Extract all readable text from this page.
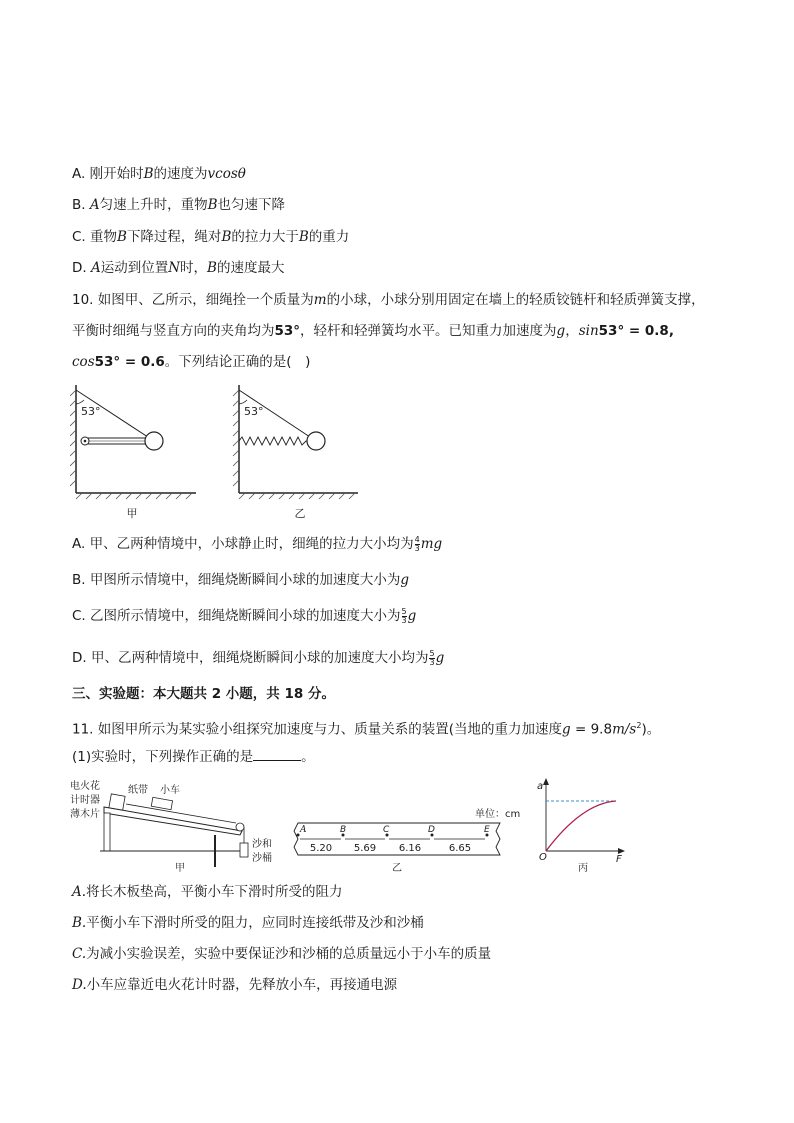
A. 刚开始时B的速度为vcosθ
B. A匀速上升时，重物B也匀速下降
C. 重物B下降过程，绳对B的拉力大于B的重力
D. A运动到位置N时，B的速度最大
10. 如图甲、乙所示，细绳拴一个质量为m的小球，小球分别用固定在墙上的轻质铰链杆和轻质弹簧支撑，
平衡时细绳与竖直方向的夹角均为53°，轻杆和轻弹簧均水平。已知重力加速度为g，sin53° = 0.8,
cos53° = 0.6。下列结论正确的是(　)
53°
甲
53°
乙
A. 甲、乙两种情境中，小球静止时，细绳的拉力大小均为 $\frac{4}{3}$ mg
B. 甲图所示情境中，细绳烧断瞬间小球的加速度大小为g
C. 乙图所示情境中，细绳烧断瞬间小球的加速度大小为 $\frac{5}{3}$ g
D. 甲、乙两种情境中，细绳烧断瞬间小球的加速度大小均为 $\frac{5}{3}$ g
三、实验题：本大题共 2 小题，共 18 分。
11. 如图甲所示为某实验小组探究加速度与力、质量关系的装置(当地的重力加速度$g = 9.8m/s^2$)。
(1)实验时，下列操作正确的是	。
电火花
计时器
薄木片
纸带 小车
沙和
沙桶
甲
单位：cm
A	B	C	D	E
5.20 5.69 6.16	6.65
乙
a
O	F
丙
A.将长木板垫高，平衡小车下滑时所受的阻力
B.平衡小车下滑时所受的阻力，应同时连接纸带及沙和沙桶
C.为减小实验误差，实验中要保证沙和沙桶的总质量远小于小车的质量
D.小车应靠近电火花计时器，先释放小车，再接通电源
